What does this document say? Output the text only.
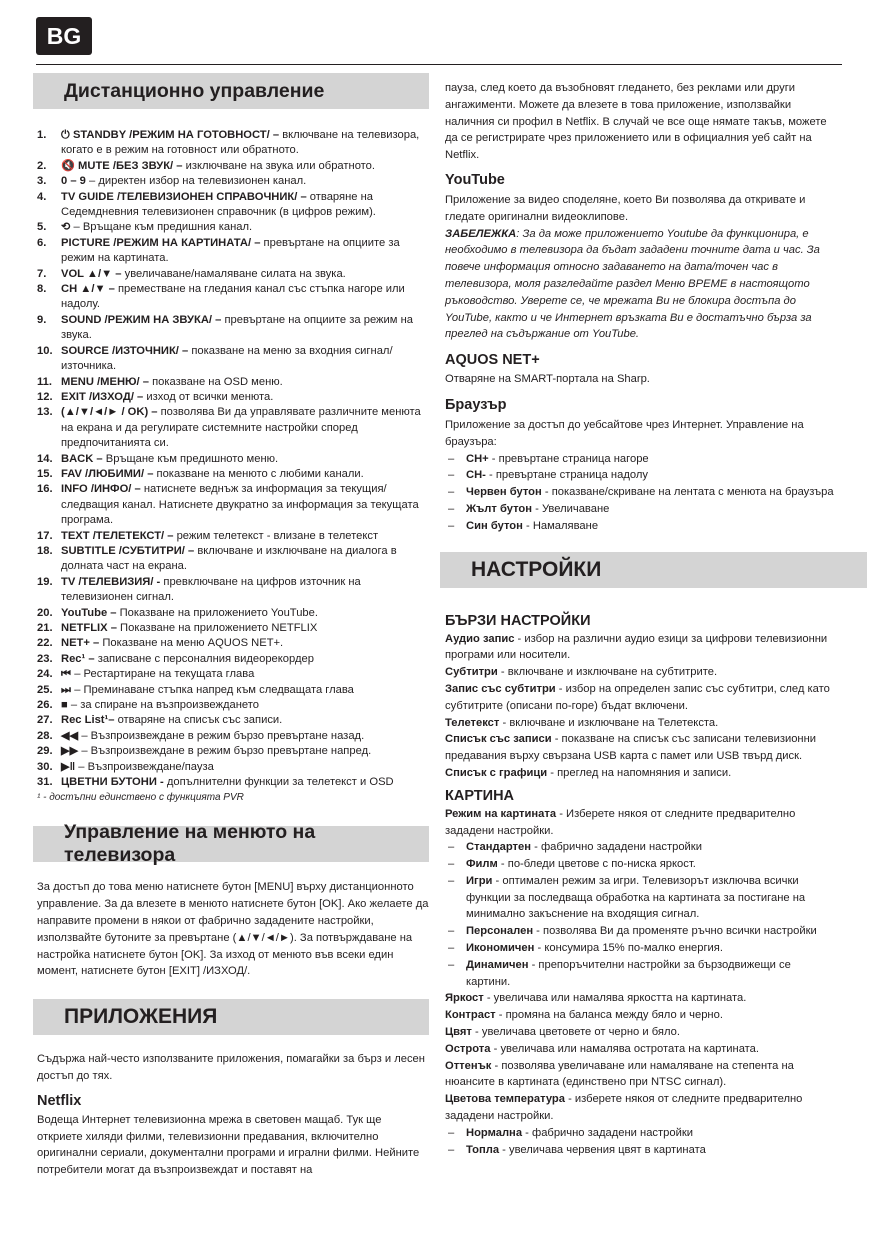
BG
Дистанционно управление
1.	⏻ STANDBY /РЕЖИМ НА ГОТОВНОСТ/ – включване на телевизора, когато е в режим на готовност или обратното.
2.	🔇 MUTE /БЕЗ ЗВУК/ – изключване на звука или обратното.
3.	0 – 9 – директен избор на телевизионен канал.
4.	TV GUIDE /ТЕЛЕВИЗИОНЕН СПРАВОЧНИК/ – отваряне на Седемдневния телевизионен справочник (в цифров режим).
5.	⟲ – Връщане към предишния канал.
6.	PICTURE /РЕЖИМ НА КАРТИНАТА/ – превъртане на опциите за режим на картината.
7.	VOL ▲/▼ – увеличаване/намаляване силата на звука.
8.	CH ▲/▼ – преместване на гледания канал със стъпка нагоре или надолу.
9.	SOUND /РЕЖИМ НА ЗВУКА/ – превъртане на опциите за режим на звука.
10. SOURCE /ИЗТОЧНИК/ – показване на меню за входния сигнал/източника.
11. MENU /МЕНЮ/ – показване на OSD меню.
12. EXIT /ИЗХОД/ – изход от всички менюта.
13. (▲/▼/◄/► / OK) – позволява Ви да управлявате различните менюта на екрана и да регулирате системните настройки според предпочитанията си.
14. BACK – Връщане към предишното меню.
15. FAV /ЛЮБИМИ/ – показване на менюто с любими канали.
16. INFO /ИНФО/ – натиснете веднъж за информация за текущия/следващия канал. Натиснете двукратно за информация за текущата програма.
17. TEXT /ТЕЛЕТЕКСТ/ – режим телетекст - влизане в телетекст
18. SUBTITLE /СУБТИТРИ/ – включване и изключване на диалога в долната част на екрана.
19. TV /ТЕЛЕВИЗИЯ/ - превключване на цифров източник на телевизионен сигнал.
20. YouTube – Показване на приложението YouTube.
21. NETFLIX – Показване на приложението NETFLIX
22. NET+ – Показване на меню AQUOS NET+.
23. Rec¹ – записване с персоналния видеорекордер
24. ⏮ – Рестартиране на текущата глава
25. ⏭ – Преминаване стъпка напред към следващата глава
26. ■ – за спиране на възпроизвеждането
27. Rec List¹– отваряне на списък със записи.
28. ◀◀ – Възпроизвеждане в режим бързо превъртане назад.
29. ▶▶ – Възпроизвеждане в режим бързо превъртане напред.
30. ▶‖ – Възпроизвеждане/пауза
31. ЦВЕТНИ БУТОНИ - допълнителни функции за телетекст и OSD
¹ - достъпни единствено с функцията PVR
Управление на менюто на телевизора

За достъп до това меню натиснете бутон [MENU] върху дистанционното управление. За да влезете в менюто натиснете бутон [OK]. Ако желаете да направите промени в някои от фабрично зададените настройки, използвайте бутоните за превъртане (▲/▼/◄/►). За потвърждаване на настройка натиснете бутон [OK]. За изход от менюто във всеки един момент, натиснете бутон [EXIT] /ИЗХОД/.

ПРИЛОЖЕНИЯ

Съдържа най-често използваните приложения, помагайки за бърз и лесен достъп до тях.

Netflix

Водеща Интернет телевизионна мрежа в световен мащаб. Тук ще откриете хиляди филми, телевизионни предавания, включително оригинални сериали, документални програми и игрални филми. Нейните потребители могат да възпроизвеждат и поставят на

пауза, след което да възобновят гледането, без реклами или други ангажименти. Можете да влезете в това приложение, използвайки наличния си профил в Netflix. В случай че все още нямате такъв, можете да се регистрирате чрез приложението или в официалния уеб сайт на Netflix.

YouTube

Приложение за видео споделяне, което Ви позволява да откривате и гледате оригинални видеоклипове.

ЗАБЕЛЕЖКА: За да може приложението Youtube да функционира, е необходимо в телевизора да бъдат зададени точните дата и час. За повече информация относно задаването на дата/точен час в телевизора, моля разгледайте раздел Меню ВРЕМЕ в настоящото ръководство. Уверете се, че мрежата Ви не блокира достъпа до YouTube, както и че Интернет връзката Ви е достатъчно бърза за преглед на съдържание от YouTube.

AQUOS NET+

Отваряне на SMART-портала на Sharp.

Браузър

Приложение за достъп до уебсайтове чрез Интернет. Управление на браузъра:

–	CH+ - превъртане страница нагоре
–	CH- - превъртане страница надолу
–	Червен бутон - показване/скриване на лентата с менюта на браузъра
–	Жълт бутон - Увеличаване
–	Син бутон - Намаляване
НАСТРОЙКИ
БЪРЗИ НАСТРОЙКИ

Аудио запис - избор на различни аудио езици за цифрови телевизионни програми или носители.

Субтитри - включване и изключване на субтитрите.

Запис със субтитри - избор на определен запис със субтитри, след като субтитрите (описани по-горе) бъдат включени.

Телетекст - включване и изключване на Телетекста.

Списък със записи - показване на списък със записани телевизионни предавания върху свързана USB карта с памет или USB твърд диск.

Списък с графици - преглед на напомняния и записи.

КАРТИНА

Режим на картината - Изберете някоя от следните предварително зададени настройки.

–	Стандартен - фабрично зададени настройки
–	Филм - по-бледи цветове с по-ниска яркост.
–	Игри - оптимален режим за игри. Телевизорът изключва всички функции за последваща обработка на картината за постигане на минимално закъснение на входящия сигнал.
–	Персонален - позволява Ви да променяте ръчно всички настройки
–	Икономичен - консумира 15% по-малко енергия.
–	Динамичен - препоръчителни настройки за бързодвижещи се картини.

Яркост - увеличава или намалява яркостта на картината.

Контраст - промяна на баланса между бяло и черно.

Цвят - увеличава цветовете от черно и бяло.

Острота - увеличава или намалява остротата на картината.

Оттенък - позволява увеличаване или намаляване на степента на нюансите в картината (единствено при NTSC сигнал).

Цветова температура - изберете някоя от следните предварително зададени настройки.

–	Нормална - фабрично зададени настройки
–	Топла - увеличава червения цвят в картината
